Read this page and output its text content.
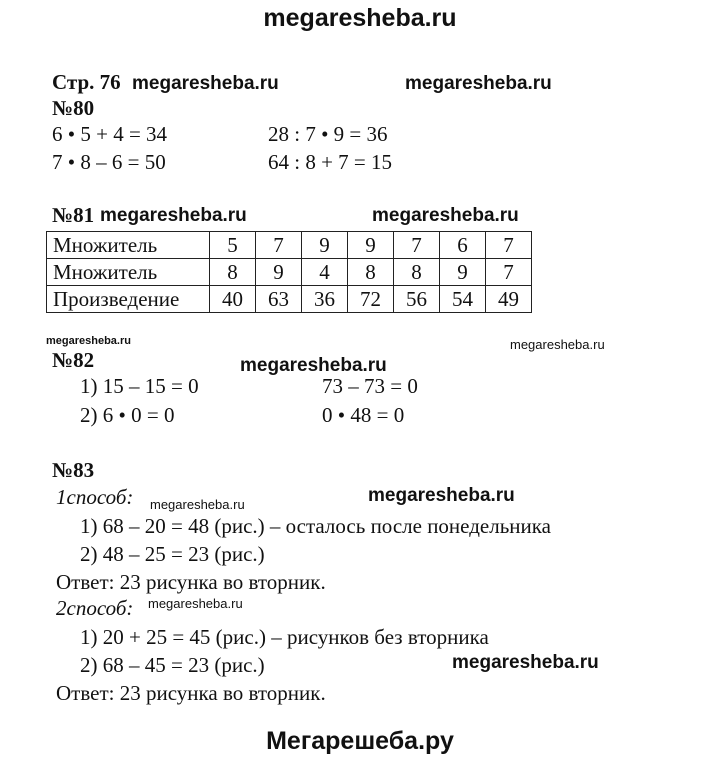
megaresheba.ru
Стр. 76 megaresheba.ru	megaresheba.ru
№80
6 • 5 + 4 = 34	28 : 7 • 9 = 36
7 • 8 – 6 = 50	64 : 8 + 7 = 15
№81 megaresheba.ru	megaresheba.ru
Множитель	5	7	9	9	7	6	7
Множитель	8	9	4	8	8	9	7
Произведение	40	63	36	72	56	54	49
megaresheba.ru	megaresheba.ru
№82	megaresheba.ru
1) 15 – 15 = 0	73 – 73 = 0
2) 6 • 0 = 0	0 • 48 = 0
№83
1способ: megaresheba.ru	megaresheba.ru
1) 68 – 20 = 48 (рис.) – осталось после понедельника
2) 48 – 25 = 23 (рис.)
Ответ: 23 рисунка во вторник.
2способ: megaresheba.ru
1) 20 + 25 = 45 (рис.) – рисунков без вторника
2) 68 – 45 = 23 (рис.)	megaresheba.ru
Ответ: 23 рисунка во вторник.
Мегарешеба.ру
